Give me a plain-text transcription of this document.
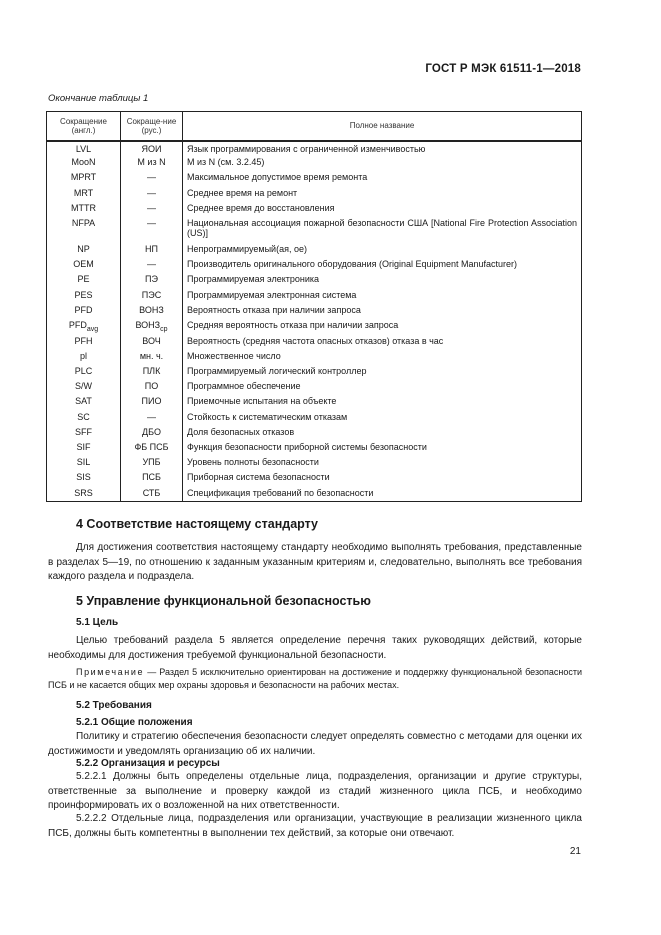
ГОСТ Р МЭК 61511-1—2018
Окончание таблицы 1
Сокращение (англ.)	Сокраще-ние (рус.)	Полное название
LVL	ЯОИ	Язык программирования с ограниченной изменчивостью
MooN	M из N	M из N (см. 3.2.45)
MPRT	—	Максимальное допустимое время ремонта
MRT	—	Среднее время на ремонт
MTTR	—	Среднее время до восстановления
NFPA	—	Национальная ассоциация пожарной безопасности США [National Fire Protection Association (US)]
NP	НП	Непрограммируемый(ая, ое)
OEM	—	Производитель оригинального оборудования (Original Equipment Manufacturer)
PE	ПЭ	Программируемая электроника
PES	ПЭС	Программируемая электронная система
PFD	ВОНЗ	Вероятность отказа при наличии запроса
$PFD_{avg}$	$ВОНЗ_{ср}$	Средняя вероятность отказа при наличии запроса
PFH	ВОЧ	Вероятность (средняя частота опасных отказов) отказа в час
pl	мн. ч.	Множественное число
PLC	ПЛК	Программируемый логический контроллер
S/W	ПО	Программное обеспечение
SAT	ПИО	Приемочные испытания на объекте
SC	—	Стойкость к систематическим отказам
SFF	ДБО	Доля безопасных отказов
SIF	ФБ ПСБ	Функция безопасности приборной системы безопасности
SIL	УПБ	Уровень полноты безопасности
SIS	ПСБ	Приборная система безопасности
SRS	СТБ	Спецификация требований по безопасности
4 Соответствие настоящему стандарту
Для достижения соответствия настоящему стандарту необходимо выполнять требования, представленные в разделах 5—19, по отношению к заданным указанным критериям и, следовательно, выполнять все требования каждого раздела и подраздела.
5 Управление функциональной безопасностью
5.1 Цель
Целью требований раздела 5 является определение перечня таких руководящих действий, которые необходимы для достижения требуемой функциональной безопасности.
Примечание — Раздел 5 исключительно ориентирован на достижение и поддержку функциональной безопасности ПСБ и не касается общих мер охраны здоровья и безопасности на рабочих местах.
5.2 Требования
5.2.1 Общие положения
Политику и стратегию обеспечения безопасности следует определять совместно с методами для оценки их достижимости и уведомлять организацию об их наличии.
5.2.2 Организация и ресурсы
5.2.2.1 Должны быть определены отдельные лица, подразделения, организации и другие структуры, ответственные за выполнение и проверку каждой из стадий жизненного цикла ПСБ, и необходимо проинформировать их о возложенной на них ответственности.
5.2.2.2 Отдельные лица, подразделения или организации, участвующие в реализации жизненного цикла ПСБ, должны быть компетентны в выполнении тех действий, за которые они отвечают.
21
